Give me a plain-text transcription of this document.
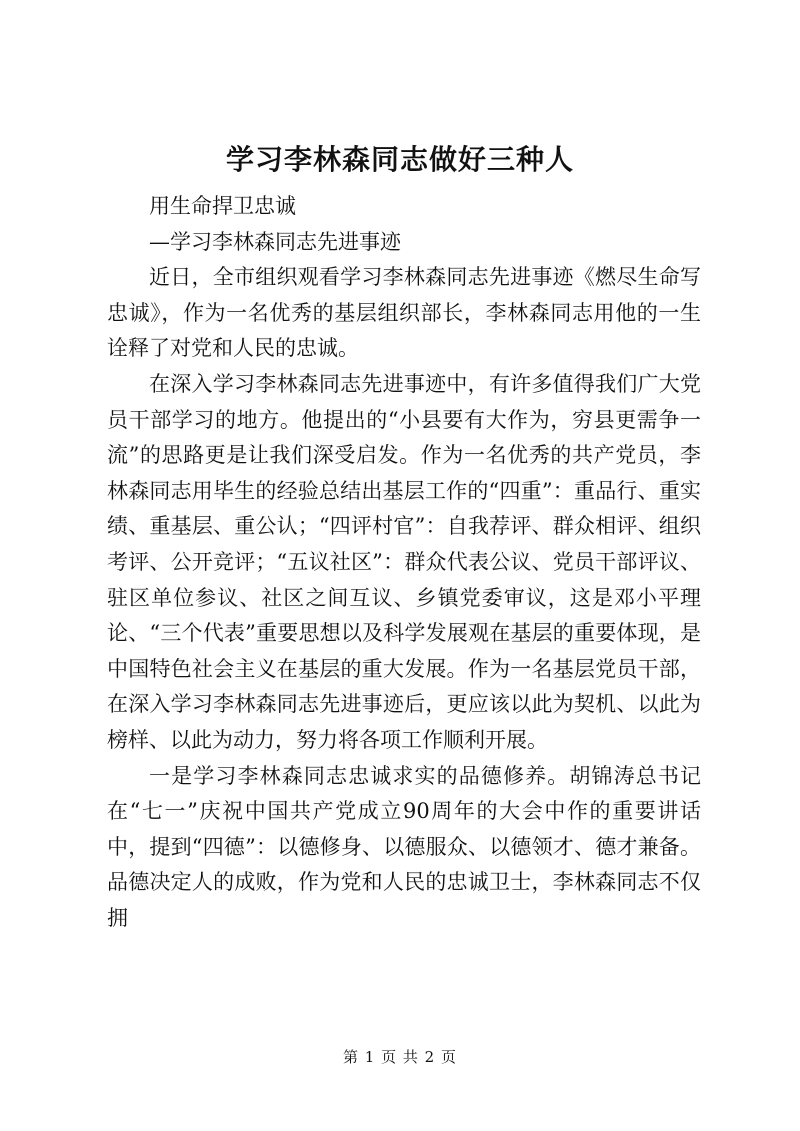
学习李林森同志做好三种人

用生命捍卫忠诚

—学习李林森同志先进事迹

近日，全市组织观看学习李林森同志先进事迹《燃尽生命写忠诚》，作为一名优秀的基层组织部长，李林森同志用他的一生诠释了对党和人民的忠诚。

在深入学习李林森同志先进事迹中，有许多值得我们广大党员干部学习的地方。他提出的“小县要有大作为，穷县更需争一流”的思路更是让我们深受启发。作为一名优秀的共产党员，李林森同志用毕生的经验总结出基层工作的“四重”：重品行、重实绩、重基层、重公认；“四评村官”：自我荐评、群众相评、组织考评、公开竞评；“五议社区”：群众代表公议、党员干部评议、驻区单位参议、社区之间互议、乡镇党委审议，这是邓小平理论、“三个代表”重要思想以及科学发展观在基层的重要体现，是中国特色社会主义在基层的重大发展。作为一名基层党员干部，在深入学习李林森同志先进事迹后，更应该以此为契机、以此为榜样、以此为动力，努力将各项工作顺利开展。

一是学习李林森同志忠诚求实的品德修养。胡锦涛总书记在“七一”庆祝中国共产党成立90周年的大会中作的重要讲话中，提到“四德”：以德修身、以德服众、以德领才、德才兼备。品德决定人的成败，作为党和人民的忠诚卫士，李林森同志不仅拥

第 1 页 共 2 页
